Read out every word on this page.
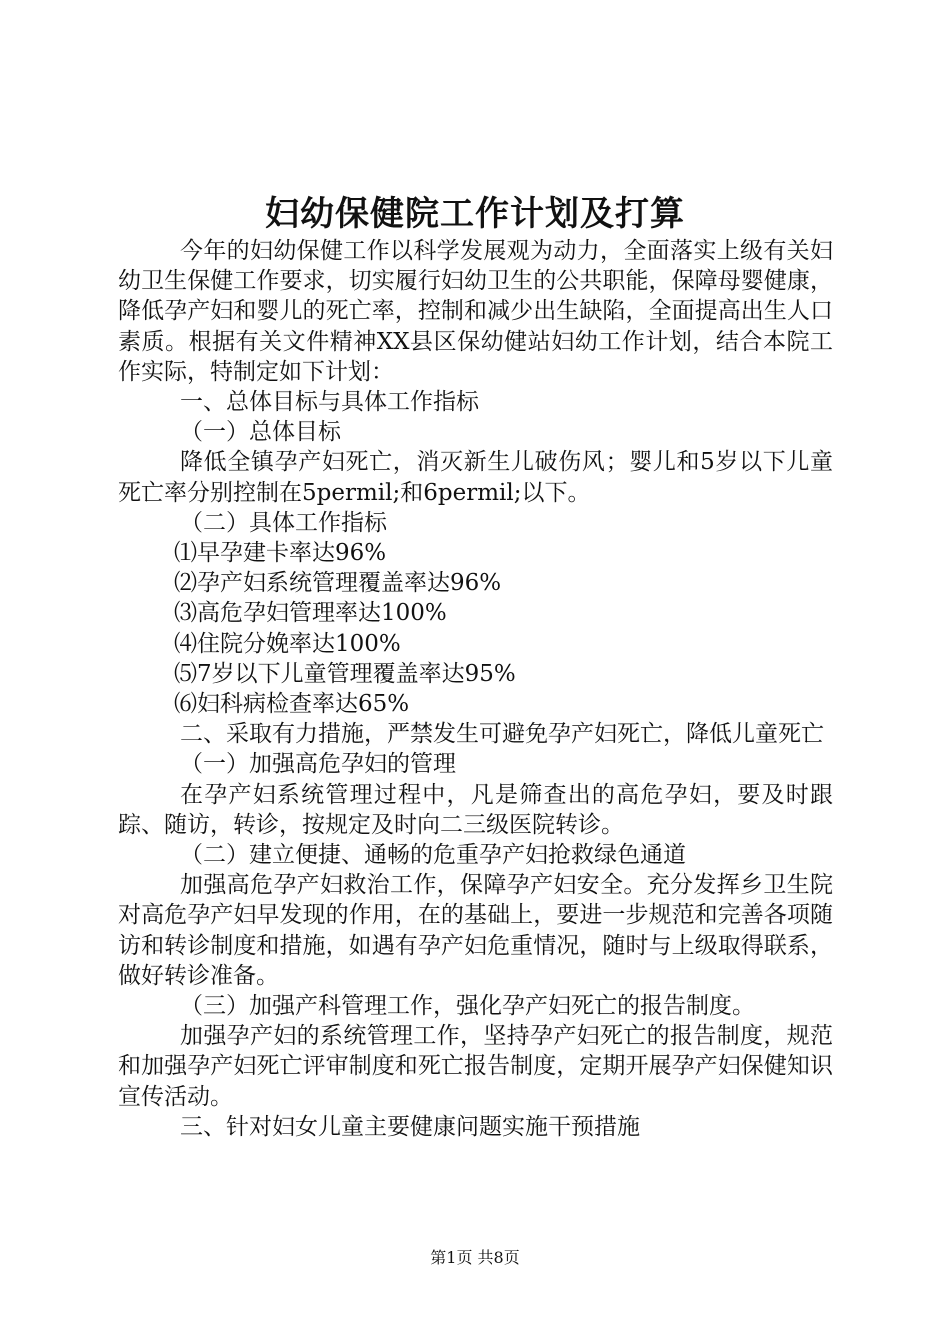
妇幼保健院工作计划及打算

今年的妇幼保健工作以科学发展观为动力，全面落实上级有关妇幼卫生保健工作要求，切实履行妇幼卫生的公共职能，保障母婴健康，降低孕产妇和婴儿的死亡率，控制和减少出生缺陷，全面提高出生人口素质。根据有关文件精神XX县区保幼健站妇幼工作计划，结合本院工作实际，特制定如下计划：

一、总体目标与具体工作指标

（一）总体目标

降低全镇孕产妇死亡，消灭新生儿破伤风；婴儿和5岁以下儿童死亡率分别控制在5permil;和6permil;以下。

（二）具体工作指标

⑴早孕建卡率达96%

⑵孕产妇系统管理覆盖率达96%

⑶高危孕妇管理率达100%

⑷住院分娩率达100%

⑸7岁以下儿童管理覆盖率达95%

⑹妇科病检查率达65%

二、采取有力措施，严禁发生可避免孕产妇死亡，降低儿童死亡

（一）加强高危孕妇的管理

在孕产妇系统管理过程中，凡是筛查出的高危孕妇，要及时跟踪、随访，转诊，按规定及时向二三级医院转诊。

（二）建立便捷、通畅的危重孕产妇抢救绿色通道

加强高危孕产妇救治工作，保障孕产妇安全。充分发挥乡卫生院对高危孕产妇早发现的作用，在的基础上，要进一步规范和完善各项随访和转诊制度和措施，如遇有孕产妇危重情况，随时与上级取得联系，做好转诊准备。

（三）加强产科管理工作，强化孕产妇死亡的报告制度。

加强孕产妇的系统管理工作，坚持孕产妇死亡的报告制度，规范和加强孕产妇死亡评审制度和死亡报告制度，定期开展孕产妇保健知识宣传活动。

三、针对妇女儿童主要健康问题实施干预措施

第1页 共8页
